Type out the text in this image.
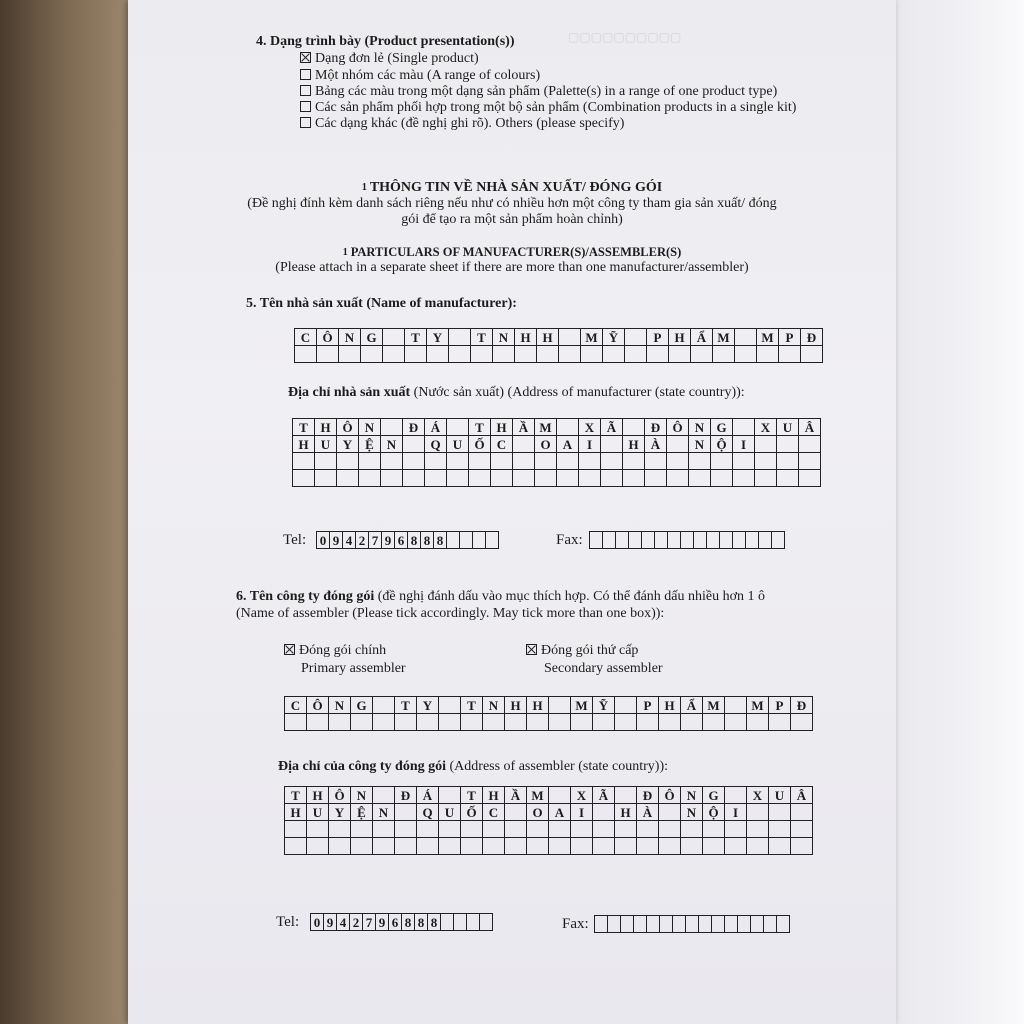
▢▢▢▢▢▢▢▢▢▢
4. Dạng trình bày (Product presentation(s))
Dạng đơn lẻ (Single product)
Một nhóm các màu (A range of colours)
Bảng các màu trong một dạng sản phẩm (Palette(s) in a range of one product type)
Các sản phẩm phối hợp trong một bộ sản phẩm (Combination products in a single kit)
Các dạng khác (đề nghị ghi rõ). Others (please specify)
1 THÔNG TIN VỀ NHÀ SẢN XUẤT/ ĐÓNG GÓI
(Đề nghị đính kèm danh sách riêng nếu như có nhiều hơn một công ty tham gia sản xuất/ đóng
gói để tạo ra một sản phẩm hoàn chỉnh)
1 PARTICULARS OF MANUFACTURER(S)/ASSEMBLER(S)
(Please attach in a separate sheet if there are more than one manufacturer/assembler)
5. Tên nhà sản xuất (Name of manufacturer):
C	Ô	N	G		T	Y		T	N	H	H		M	Ỹ		P	H	Ẩ	M		M	P	Đ

Địa chỉ nhà sản xuất (Nước sản xuất) (Address of manufacturer (state country)):
T	H	Ô	N		Đ	Á		T	H	Ầ	M		X	Ã		Đ	Ô	N	G		X	U	Â
H	U	Y	Ệ	N		Q	U	Ố	C		O	A	I		H	À		N	Ộ	I			

Tel: 0	9	4	2	7	9	6	8	8	8					Fax:

6. Tên công ty đóng gói (đề nghị đánh dấu vào mục thích hợp. Có thể đánh dấu nhiều hơn 1 ô
(Name of assembler (Please tick accordingly. May tick more than one box)):
Đóng gói chính
Primary assembler
Đóng gói thứ cấp
Secondary assembler
C	Ô	N	G		T	Y		T	N	H	H		M	Ỹ		P	H	Ẩ	M		M	P	Đ

Địa chỉ của công ty đóng gói (Address of assembler (state country)):
T	H	Ô	N		Đ	Á		T	H	Ầ	M		X	Ã		Đ	Ô	N	G		X	U	Â
H	U	Y	Ệ	N		Q	U	Ố	C		O	A	I		H	À		N	Ộ	I			

Tel: 0	9	4	2	7	9	6	8	8	8					Fax:
